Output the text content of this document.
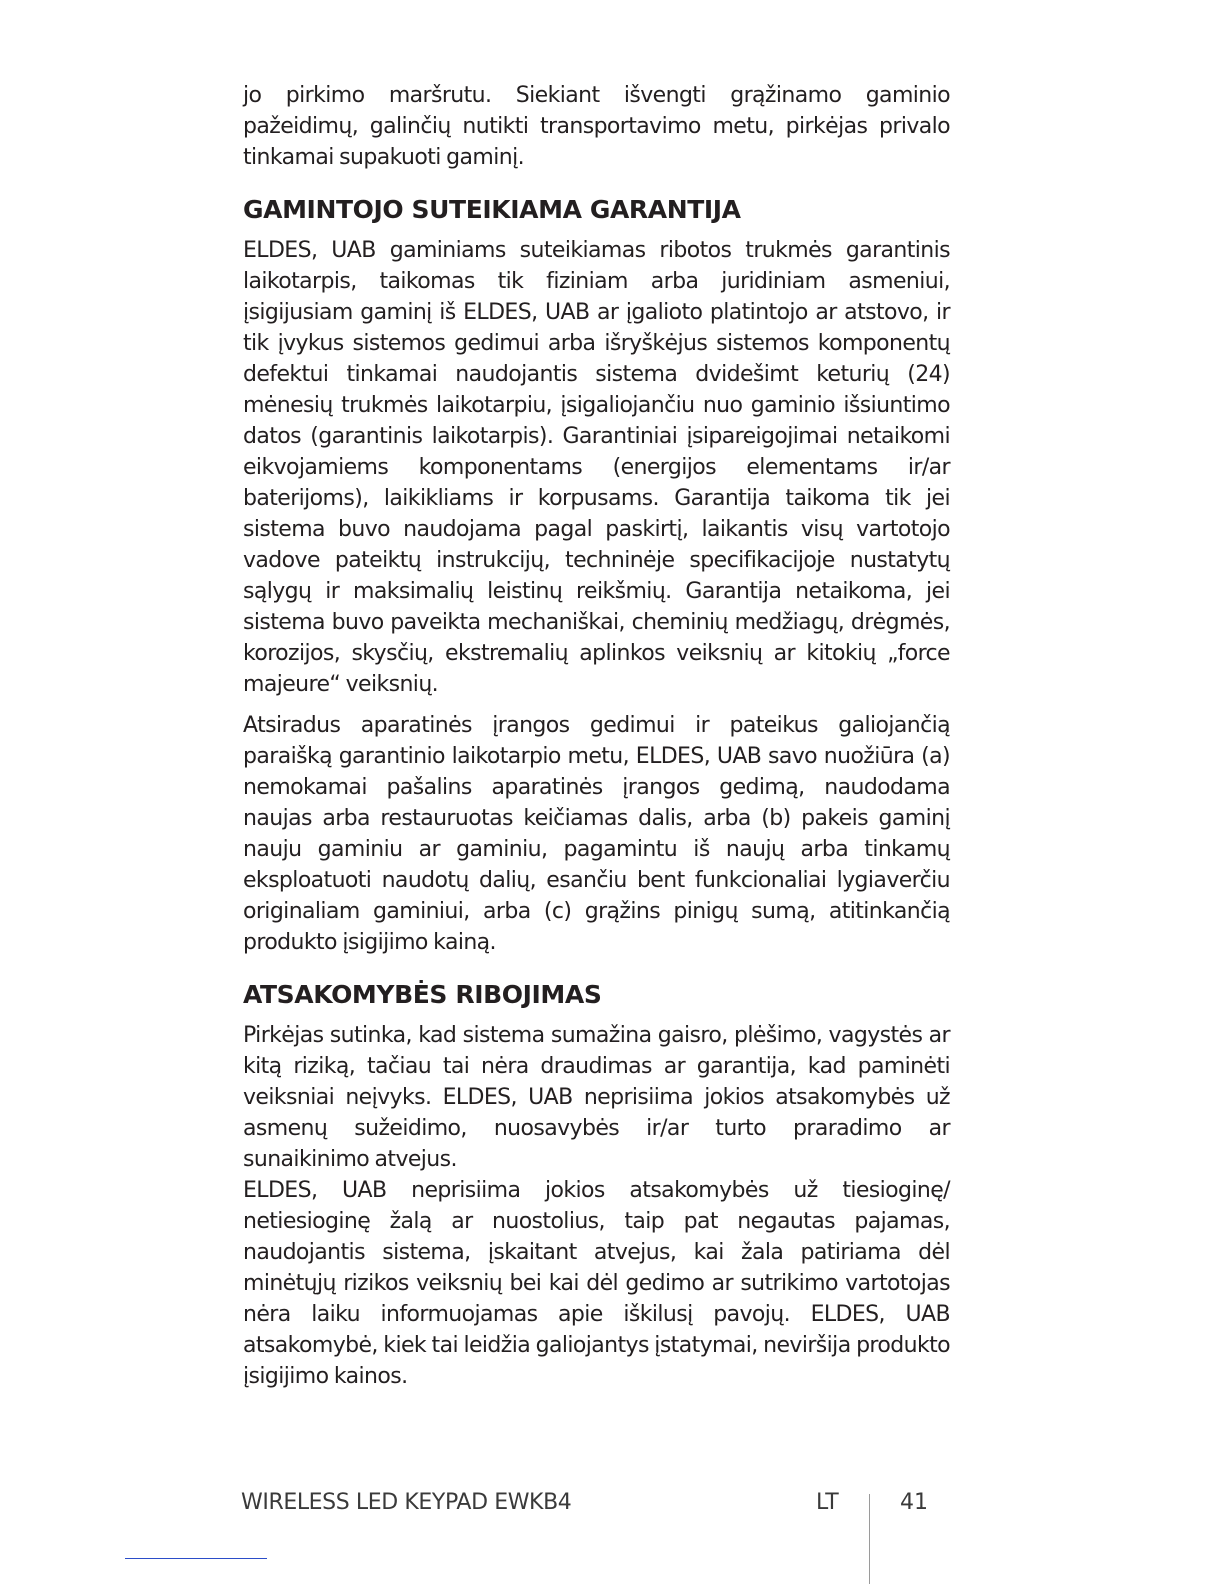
jo pirkimo maršrutu. Siekiant išvengti grąžinamo gaminio pažeidimų, galinčių nutikti transportavimo metu, pirkėjas privalo tinkamai supakuoti gaminį.

GAMINTOJO SUTEIKIAMA GARANTIJA

ELDES, UAB gaminiams suteikiamas ribotos trukmės garantinis laikotarpis, taikomas tik fiziniam arba juridiniam asmeniui, įsigijusiam gaminį iš ELDES, UAB ar įgalioto platintojo ar atstovo, ir tik įvykus sistemos gedimui arba išryškėjus sistemos komponentų defektui tinkamai naudojantis sistema dvidešimt keturių (24) mėnesių trukmės laikotarpiu, įsigaliojančiu nuo gaminio išsiuntimo datos (garantinis laikotarpis). Garantiniai įsipareigojimai netaikomi eikvojamiems komponentams (energijos elementams ir/ar baterijoms), laikikliams ir korpusams. Garantija taikoma tik jei sistema buvo naudojama pagal paskirtį, laikantis visų vartotojo vadove pateiktų instrukcijų, techninėje specifikacijoje nustatytų sąlygų ir maksimalių leistinų reikšmių. Garantija netaikoma, jei sistema buvo paveikta mechaniškai, cheminių medžiagų, drėgmės, korozijos, skysčių, ekstremalių aplinkos veiksnių ar kitokių „force majeure“ veiksnių.

Atsiradus aparatinės įrangos gedimui ir pateikus galiojančią paraišką garantinio laikotarpio metu, ELDES, UAB savo nuožiūra (a) nemokamai pašalins aparatinės įrangos gedimą, naudodama naujas arba restauruotas keičiamas dalis, arba (b) pakeis gaminį nauju gaminiu ar gaminiu, pagamintu iš naujų arba tinkamų eksploatuoti naudotų dalių, esančiu bent funkcionaliai lygiaverčiu originaliam gaminiui, arba (c) grąžins pinigų sumą, atitinkančią produkto įsigijimo kainą.

ATSAKOMYBĖS RIBOJIMAS

Pirkėjas sutinka, kad sistema sumažina gaisro, plėšimo, vagystės ar kitą riziką, tačiau tai nėra draudimas ar garantija, kad paminėti veiksniai neįvyks. ELDES, UAB neprisiima jokios atsakomybės už asmenų sužeidimo, nuosavybės ir/ar turto praradimo ar sunaikinimo atvejus.

ELDES, UAB neprisiima jokios atsakomybės už tiesioginę/ netiesioginę žalą ar nuostolius, taip pat negautas pajamas, naudojantis sistema, įskaitant atvejus, kai žala patiriama dėl minėtųjų rizikos veiksnių bei kai dėl gedimo ar sutrikimo vartotojas nėra laiku informuojamas apie iškilusį pavojų. ELDES, UAB atsakomybė, kiek tai leidžia galiojantys įstatymai, neviršija produkto įsigijimo kainos.

WIRELESS LED KEYPAD EWKB4	LT	41
